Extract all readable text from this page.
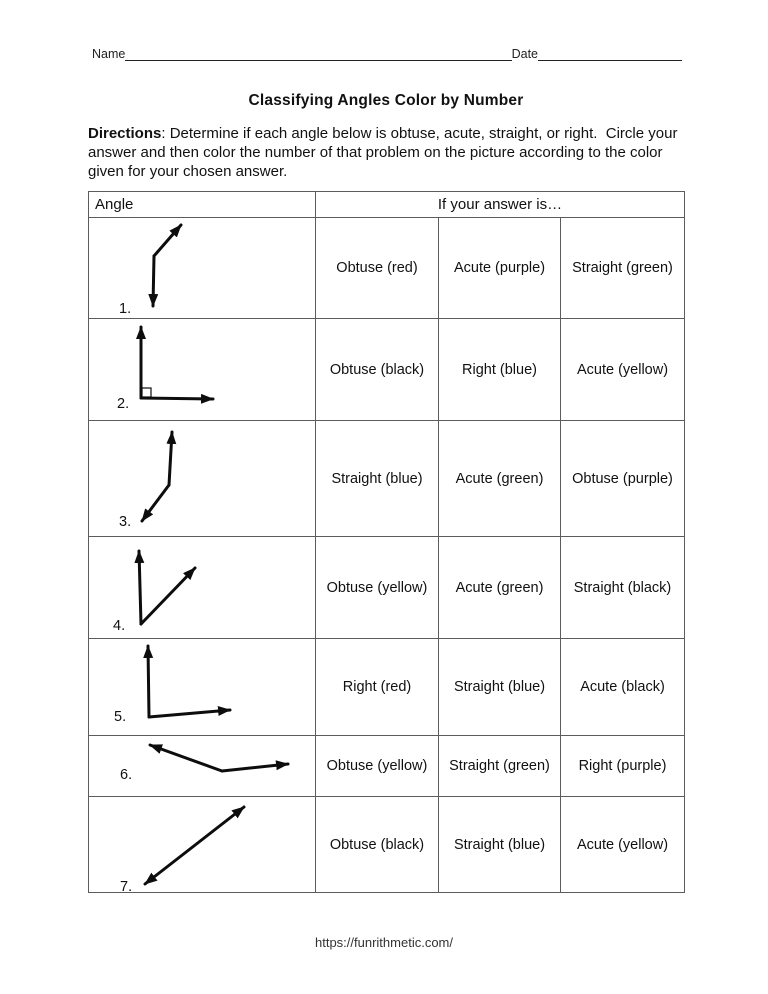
Name	Date
Classifying Angles Color by Number

Directions: Determine if each angle below is obtuse, acute, straight, or right.  Circle your answer and then color the number of that problem on the picture according to the color given for your chosen answer.

Angle	If your answer is…		

1.	Obtuse (red)	Acute (purple)	Straight (green)

2.	Obtuse (black)	Right (blue)	Acute (yellow)

3.	Straight (blue)	Acute (green)	Obtuse (purple)

4.	Obtuse (yellow)	Acute (green)	Straight (black)

5.	Right (red)	Straight (blue)	Acute (black)

6.	Obtuse (yellow)	Straight (green)	Right (purple)

7.	Obtuse (black)	Straight (blue)	Acute (yellow)
https://funrithmetic.com/
